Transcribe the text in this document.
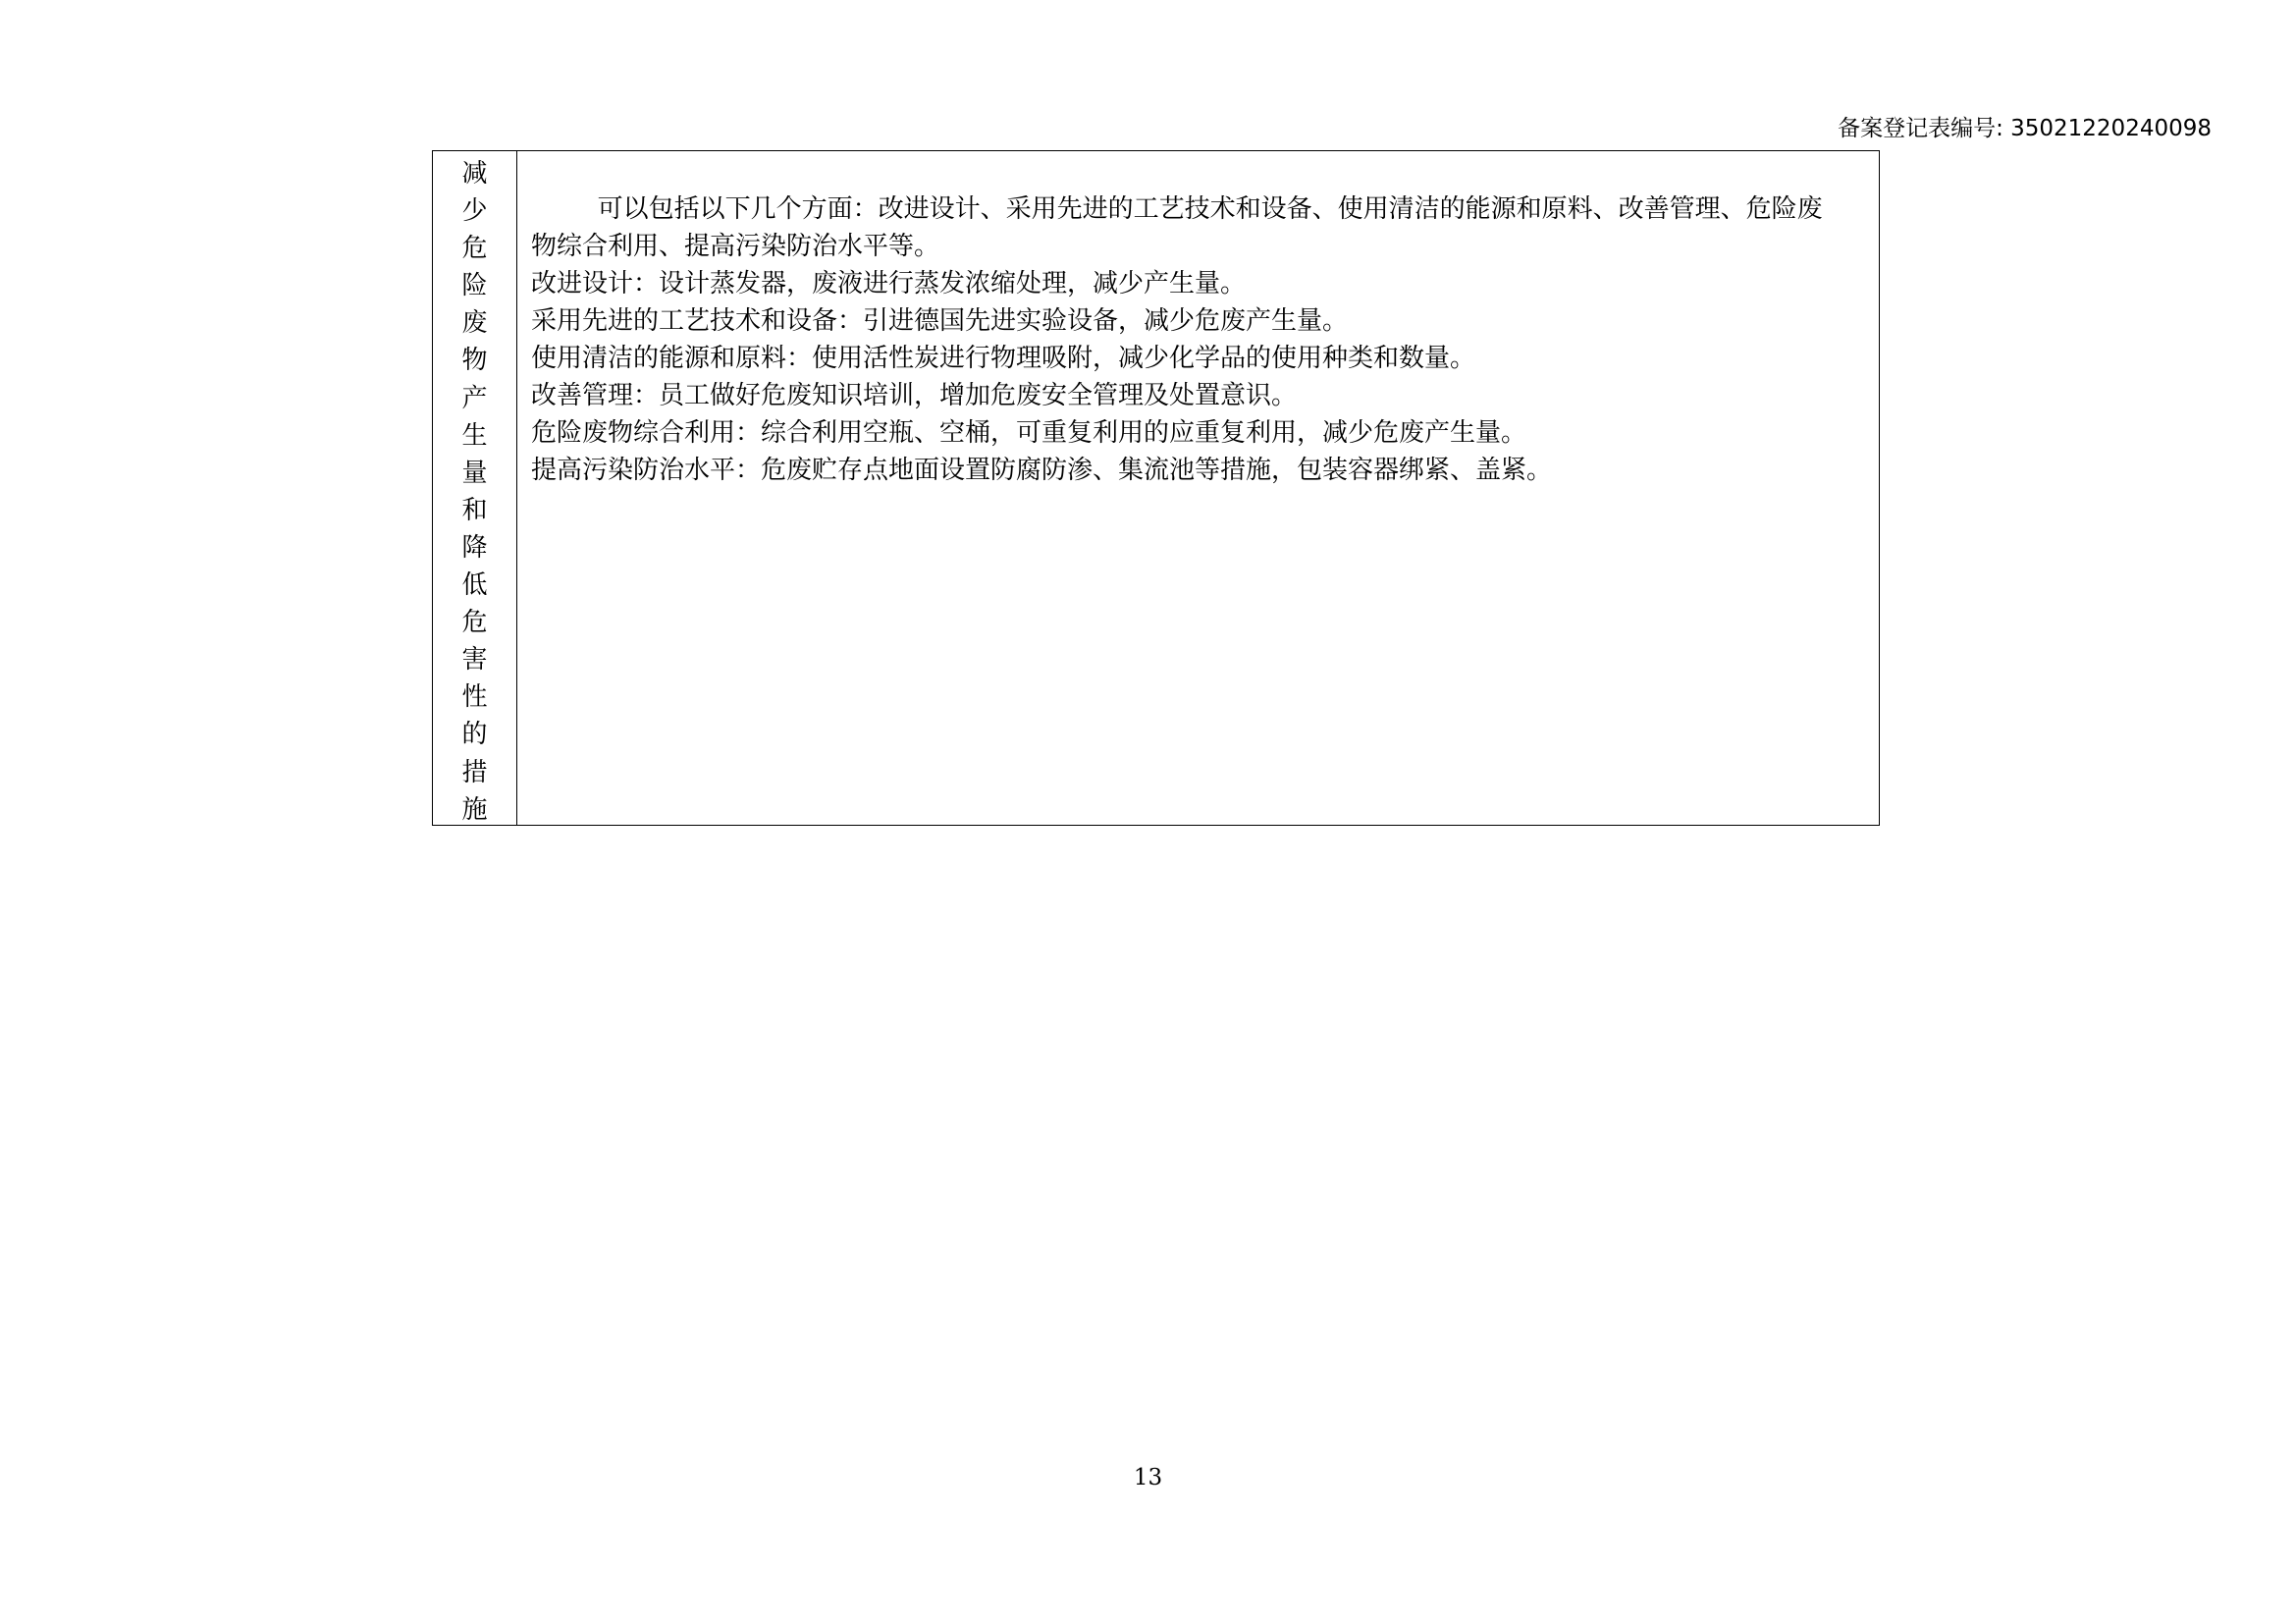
备案登记表编号: 35021220240098
减
少
危
险
废
物
产
生
量
和
降
低
危
害
性
的
措
施
可以包括以下几个方面：改进设计、采用先进的工艺技术和设备、使用清洁的能源和原料、改善管理、危险废物综合利用、提高污染防治水平等。
改进设计：设计蒸发器，废液进行蒸发浓缩处理，减少产生量。
采用先进的工艺技术和设备：引进德国先进实验设备，减少危废产生量。
使用清洁的能源和原料：使用活性炭进行物理吸附，减少化学品的使用种类和数量。
改善管理：员工做好危废知识培训，增加危废安全管理及处置意识。
危险废物综合利用：综合利用空瓶、空桶，可重复利用的应重复利用，减少危废产生量。
提高污染防治水平：危废贮存点地面设置防腐防渗、集流池等措施，包装容器绑紧、盖紧。
13
